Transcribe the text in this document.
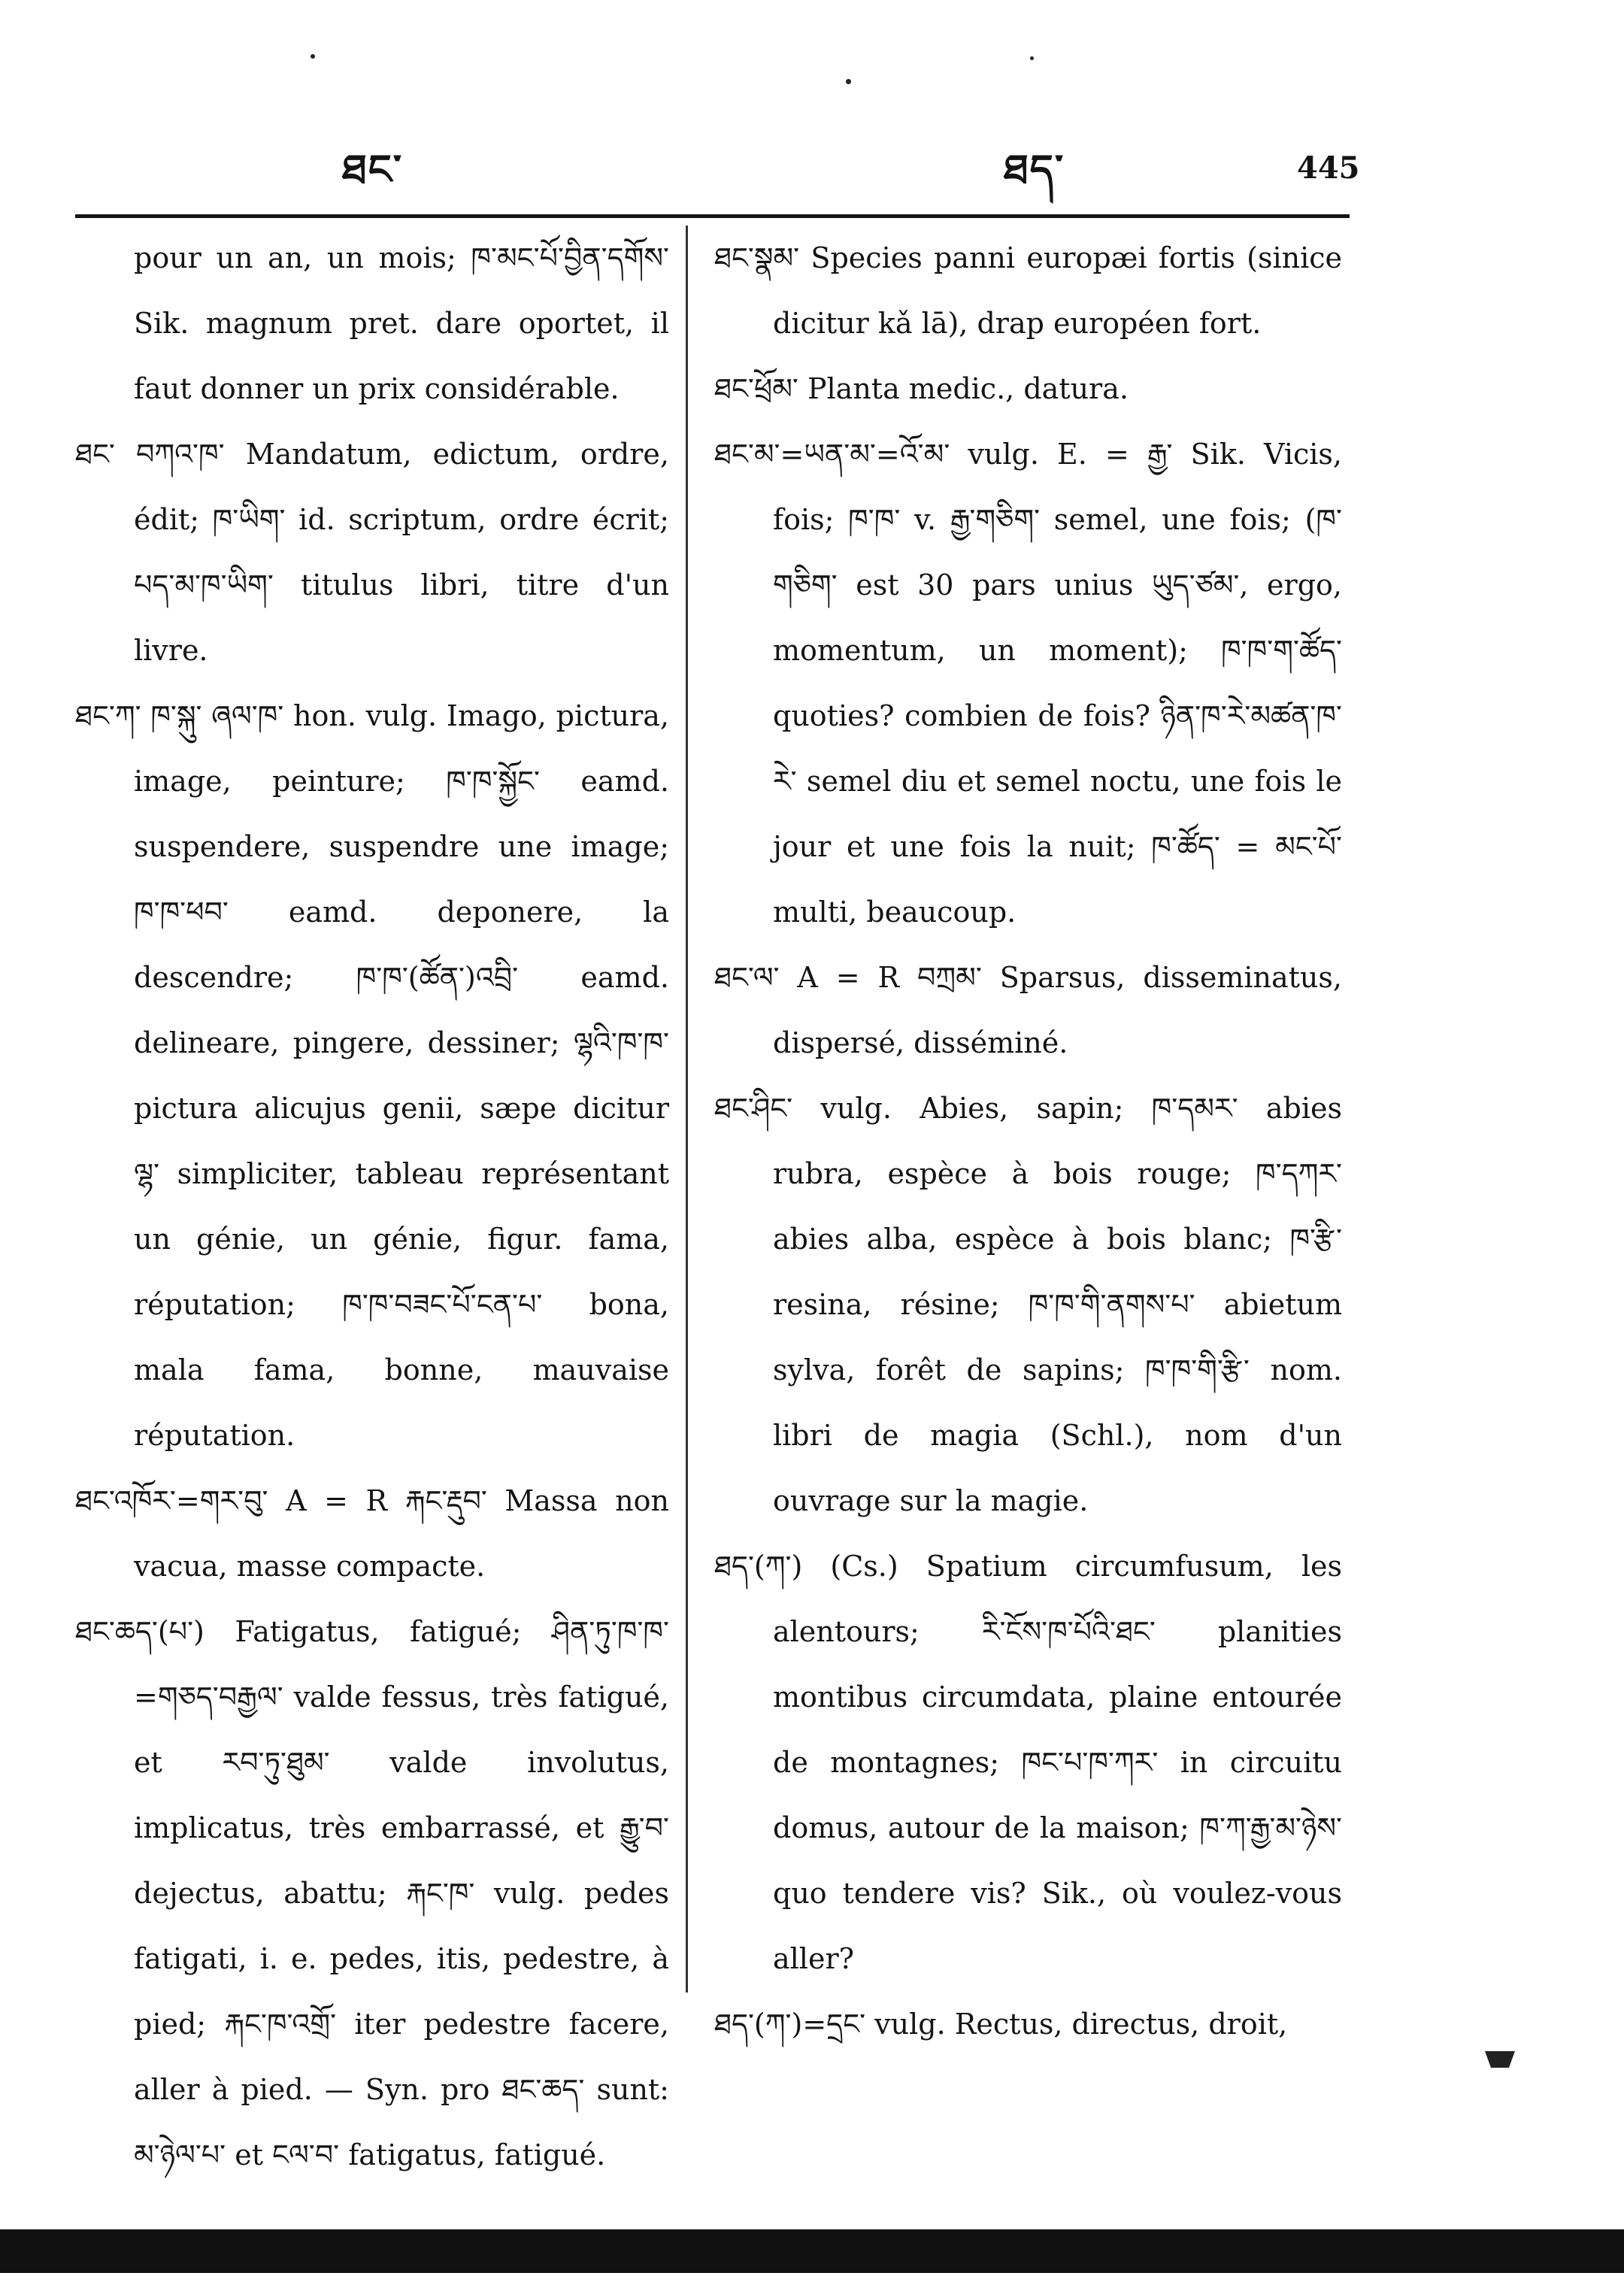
ཐང་	ཐད་	445
pour un an, un mois; ཁ་མང་པོ་བྱིན་དགོས་ Sik. magnum pret. dare oportet, il faut donner un prix considérable.
ཐང་ བཀའ་ཁ་ Mandatum, edictum, ordre, édit; ཁ་ཡིག་ id. scriptum, ordre écrit; པད་མ་ཁ་ཡིག་ titulus libri, titre d'un livre.
ཐང་ཀ་ ཁ་སྐུ་ ཞལ་ཁ་ hon. vulg. Imago, pictura, image, peinture; ཁ་ཁ་སྐྱོང་ eamd. suspendere, suspendre une image; ཁ་ཁ་ཕབ་ eamd. deponere, la descendre; ཁ་ཁ་(ཚོན་)འབྲི་ eamd. delineare, pingere, dessiner; ལྷའི་ཁ་ཁ་ pictura alicujus genii, sæpe dicitur ལྷ་ simpliciter, tableau représentant un génie, un génie, figur. fama, réputation; ཁ་ཁ་བཟང་པོ་ངན་པ་ bona, mala fama, bonne, mauvaise réputation.
ཐང་འཁོར་=གར་བུ་ A = R རྐང་རྡུབ་ Massa non vacua, masse compacte.
ཐང་ཆད་(པ་) Fatigatus, fatigué; ཤིན་ཏུ་ཁ་ཁ་ =གཅད་བརྒྱལ་ valde fessus, très fatigué, et རབ་ཏུ་ཐུམ་ valde involutus, implicatus, très embarrassé, et རྒྱུ་བ་ dejectus, abattu; རྐང་ཁ་ vulg. pedes fatigati, i. e. pedes, itis, pedestre, à pied; རྐང་ཁ་འགྲོ་ iter pedestre facere, aller à pied. — Syn. pro ཐང་ཆད་ sunt: མ་ཉེལ་པ་ et ངལ་བ་ fatigatus, fatigué.
ཐང་སྣམ་ Species panni europæi fortis (sinice dicitur kǎ lā), drap européen fort.
ཐང་ཕྲོམ་ Planta medic., datura.
ཐང་མ་=ཡན་མ་=འོ་མ་ vulg. E. = རྒྱ་ Sik. Vicis, fois; ཁ་ཁ་ v. རྒྱ་གཅིག་ semel, une fois; (ཁ་གཅིག་ est 30 pars unius ཡུད་ཙམ་, ergo, momentum, un moment); ཁ་ཁ་ག་ཚོད་ quoties? combien de fois? ཉིན་ཁ་རེ་མཚན་ཁ་རེ་ semel diu et semel noctu, une fois le jour et une fois la nuit; ཁ་ཚོད་ = མང་པོ་ multi, beaucoup.
ཐང་ལ་ A = R བཀྲམ་ Sparsus, disseminatus, dispersé, disséminé.
ཐང་ཤིང་ vulg. Abies, sapin; ཁ་དམར་ abies rubra, espèce à bois rouge; ཁ་དཀར་ abies alba, espèce à bois blanc; ཁ་རྩི་ resina, résine; ཁ་ཁ་གི་ནགས་པ་ abietum sylva, forêt de sapins; ཁ་ཁ་གི་རྩི་ nom. libri de magia (Schl.), nom d'un ouvrage sur la magie.
ཐད་(ཀ་) (Cs.) Spatium circumfusum, les alentours; རི་ངོས་ཁ་པོའི་ཐང་ planities montibus circumdata, plaine entourée de montagnes; ཁང་པ་ཁ་ཀར་ in circuitu domus, autour de la maison; ཁ་ཀ་རྒྱ་མ་ཉེས་ quo tendere vis? Sik., où voulez-vous aller?
ཐད་(ཀ་)=དྲང་ vulg. Rectus, directus, droit,
